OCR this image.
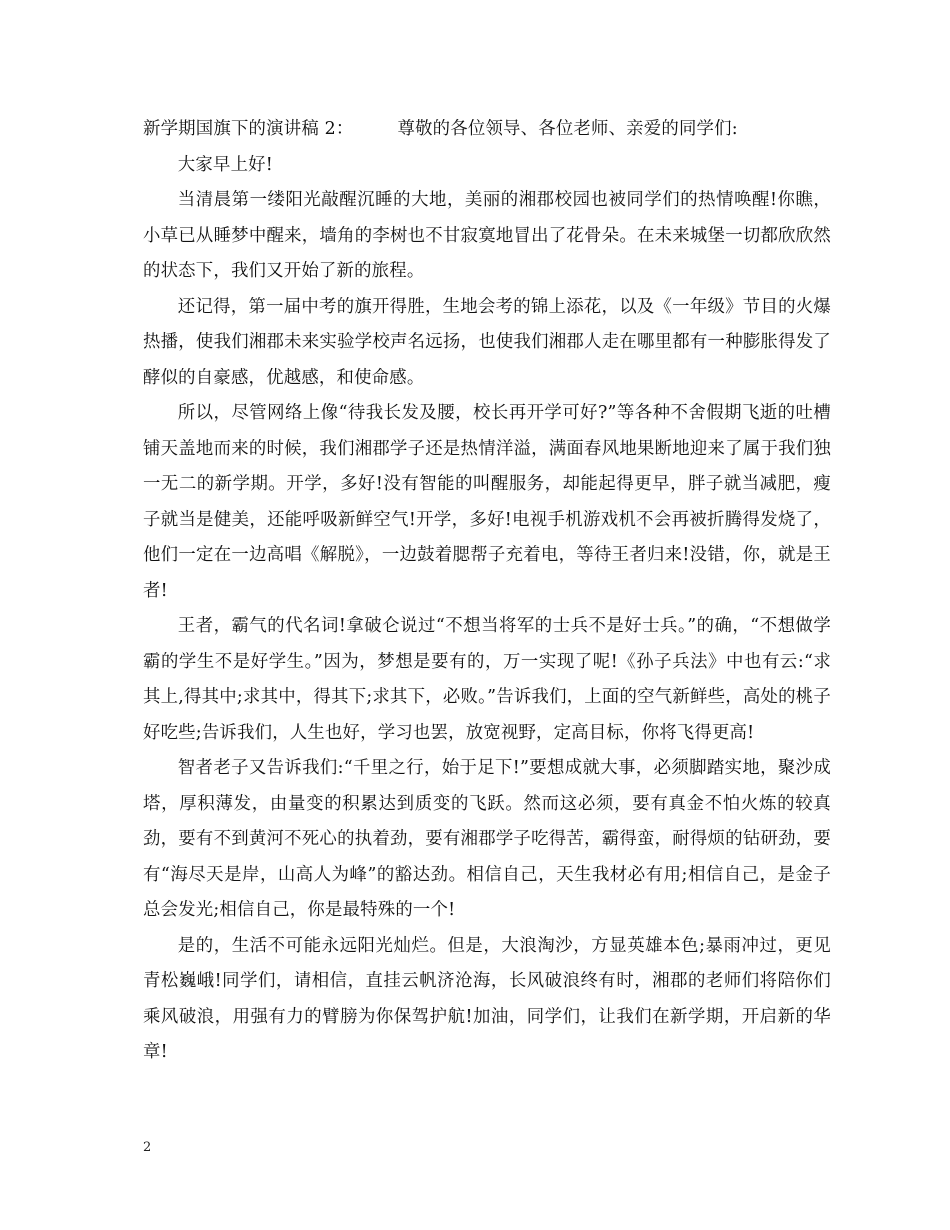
新学期国旗下的演讲稿 2：	尊敬的各位领导、各位老师、亲爱的同学们:

大家早上好!

当清晨第一缕阳光敲醒沉睡的大地，美丽的湘郡校园也被同学们的热情唤醒!你瞧，小草已从睡梦中醒来，墙角的李树也不甘寂寞地冒出了花骨朵。在未来城堡一切都欣欣然的状态下，我们又开始了新的旅程。

还记得，第一届中考的旗开得胜，生地会考的锦上添花，以及《一年级》节目的火爆热播，使我们湘郡未来实验学校声名远扬，也使我们湘郡人走在哪里都有一种膨胀得发了酵似的自豪感，优越感，和使命感。

所以，尽管网络上像“待我长发及腰，校长再开学可好?”等各种不舍假期飞逝的吐槽铺天盖地而来的时候，我们湘郡学子还是热情洋溢，满面春风地果断地迎来了属于我们独一无二的新学期。开学，多好!没有智能的叫醒服务，却能起得更早，胖子就当减肥，瘦子就当是健美，还能呼吸新鲜空气!开学，多好!电视手机游戏机不会再被折腾得发烧了，他们一定在一边高唱《解脱》，一边鼓着腮帮子充着电，等待王者归来!没错，你，就是王者!

王者，霸气的代名词!拿破仑说过“不想当将军的士兵不是好士兵。”的确，“不想做学霸的学生不是好学生。”因为，梦想是要有的，万一实现了呢!《孙子兵法》中也有云:“求其上,得其中;求其中，得其下;求其下，必败。”告诉我们，上面的空气新鲜些，高处的桃子好吃些;告诉我们，人生也好，学习也罢，放宽视野，定高目标，你将飞得更高!

智者老子又告诉我们:“千里之行，始于足下!”要想成就大事，必须脚踏实地，聚沙成塔，厚积薄发，由量变的积累达到质变的飞跃。然而这必须，要有真金不怕火炼的较真劲，要有不到黄河不死心的执着劲，要有湘郡学子吃得苦，霸得蛮，耐得烦的钻研劲，要有“海尽天是岸，山高人为峰”的豁达劲。相信自己，天生我材必有用;相信自己，是金子总会发光;相信自己，你是最特殊的一个!

是的，生活不可能永远阳光灿烂。但是，大浪淘沙，方显英雄本色;暴雨冲过，更见青松巍峨!同学们，请相信，直挂云帆济沧海，长风破浪终有时，湘郡的老师们将陪你们乘风破浪，用强有力的臂膀为你保驾护航!加油，同学们，让我们在新学期，开启新的华章!

2
